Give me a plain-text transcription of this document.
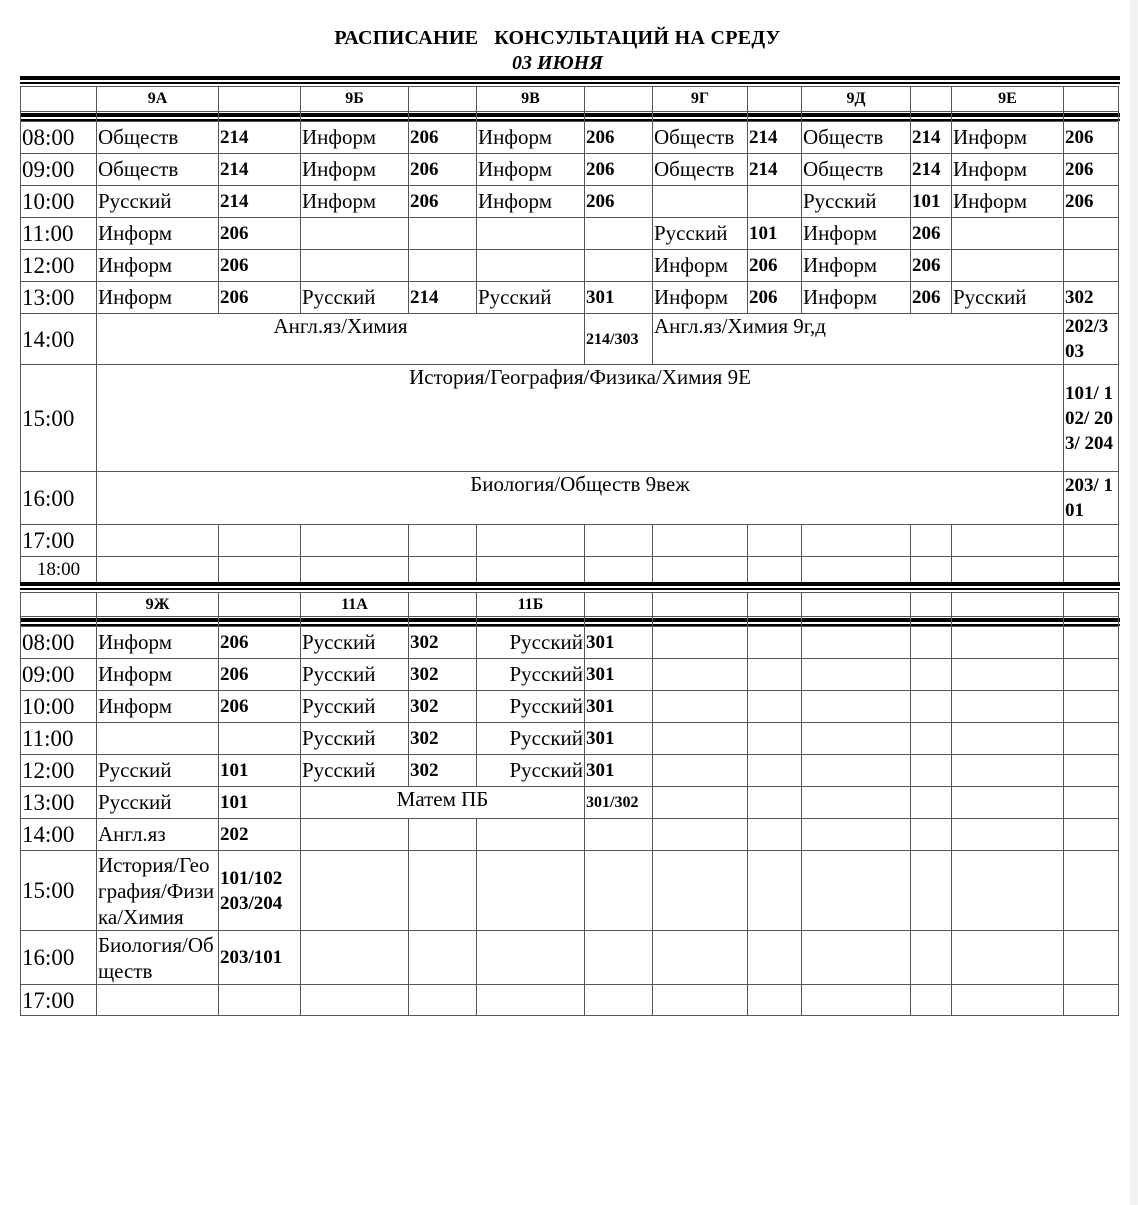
РАСПИСАНИЕ   КОНСУЛЬТАЦИЙ НА СРЕДУ
03 ИЮНЯ
	9А		9Б		9В		9Г		9Д		9Е	

08:00	Обществ	214	Информ	206	Информ	206	Обществ	214	Обществ	214	Информ	206
09:00	Обществ	214	Информ	206	Информ	206	Обществ	214	Обществ	214	Информ	206
10:00	Русский	214	Информ	206	Информ	206			Русский	101	Информ	206
11:00	Информ	206					Русский	101	Информ	206		
12:00	Информ	206					Информ	206	Информ	206		
13:00	Информ	206	Русский	214	Русский	301	Информ	206	Информ	206	Русский	302
14:00	Англ.яз/Химия					214/303	Англ.яз/Химия 9г,д					202/303
15:00	История/География/Физика/Химия 9Е											101/ 102/ 203/ 204
16:00	Биология/Обществ 9веж											203/ 101
17:00												
18:00												
	9Ж		11А		11Б							

08:00	Информ	206	Русский	302	Русский	301						
09:00	Информ	206	Русский	302	Русский	301						
10:00	Информ	206	Русский	302	Русский	301						
11:00			Русский	302	Русский	301						
12:00	Русский	101	Русский	302	Русский	301						
13:00	Русский	101	Матем ПБ			301/302						
14:00	Англ.яз	202										
15:00	История/География/Физика/Химия	101/102 203/204										
16:00	Биология/Обществ	203/101										
17:00												
